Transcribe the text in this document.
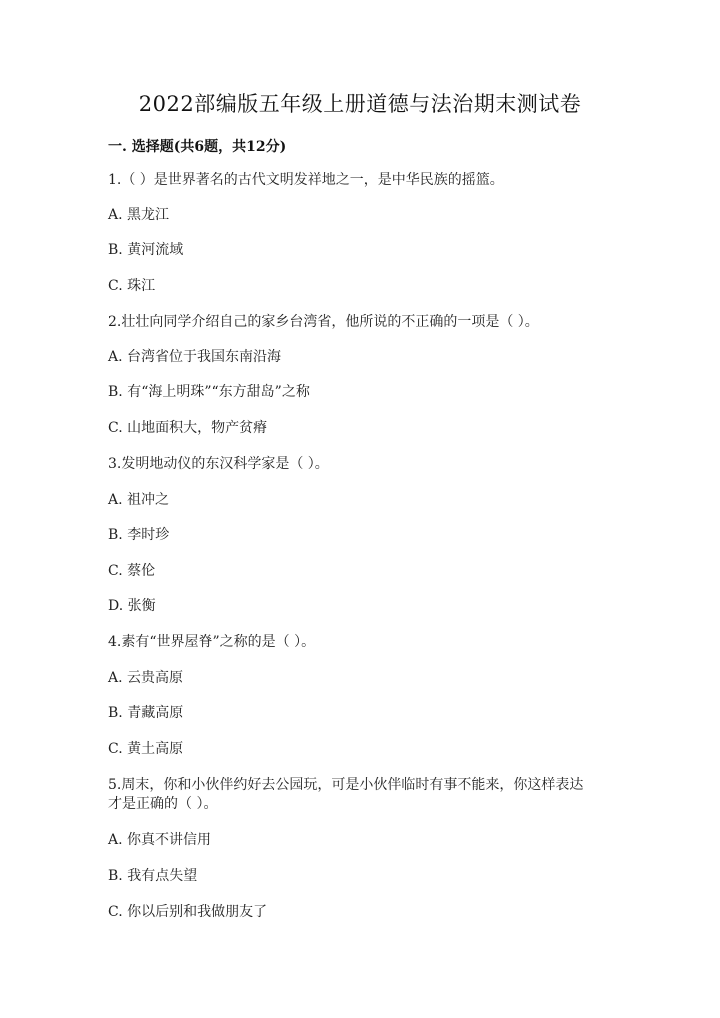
2022部编版五年级上册道德与法治期末测试卷
一. 选择题(共6题，共12分)
1.（ ）是世界著名的古代文明发祥地之一，是中华民族的摇篮。
A. 黑龙江
B. 黄河流域
C. 珠江
2.壮壮向同学介绍自己的家乡台湾省，他所说的不正确的一项是（ ）。
A. 台湾省位于我国东南沿海
B. 有“海上明珠”“东方甜岛”之称
C. 山地面积大，物产贫瘠
3.发明地动仪的东汉科学家是（ ）。
A. 祖冲之
B. 李时珍
C. 蔡伦
D. 张衡
4.素有“世界屋脊”之称的是（ ）。
A. 云贵高原
B. 青藏高原
C. 黄土高原
5.周末，你和小伙伴约好去公园玩，可是小伙伴临时有事不能来，你这样表达
才是正确的（ ）。
A. 你真不讲信用
B. 我有点失望
C. 你以后别和我做朋友了
